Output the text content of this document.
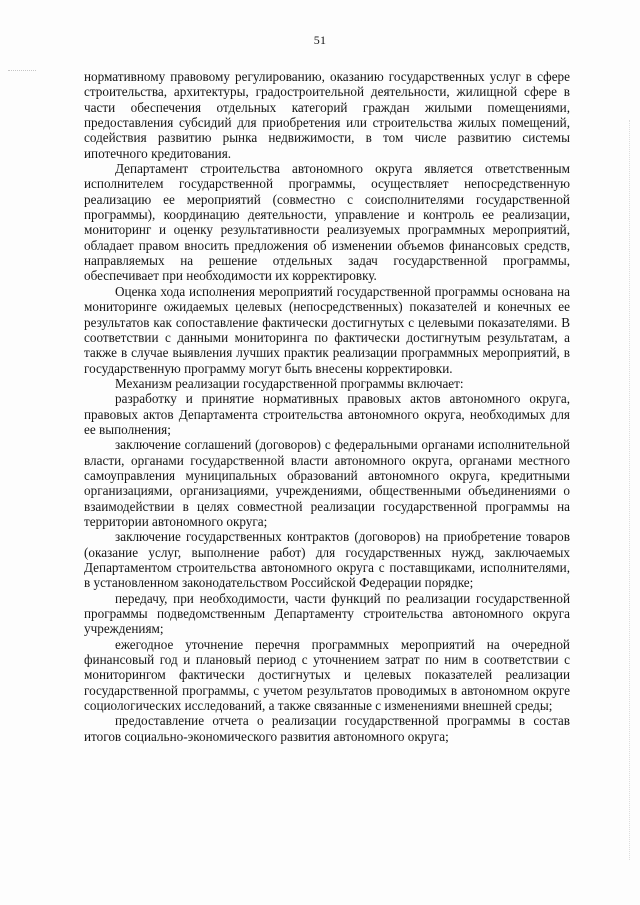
51

нормативному правовому регулированию, оказанию государственных услуг в сфере строительства, архитектуры, градостроительной деятельности, жилищной сфере в части обеспечения отдельных категорий граждан жилыми помещениями, предоставления субсидий для приобретения или строительства жилых помещений, содействия развитию рынка недвижимости, в том числе развитию системы ипотечного кредитования.

Департамент строительства автономного округа является ответственным исполнителем государственной программы, осуществляет непосредственную реализацию ее мероприятий (совместно с соисполнителями государственной программы), координацию деятельности, управление и контроль ее реализации, мониторинг и оценку результативности реализуемых программных мероприятий, обладает правом вносить предложения об изменении объемов финансовых средств, направляемых на решение отдельных задач государственной программы, обеспечивает при необходимости их корректировку.

Оценка хода исполнения мероприятий государственной программы основана на мониторинге ожидаемых целевых (непосредственных) показателей и конечных ее результатов как сопоставление фактически достигнутых с целевыми показателями. В соответствии с данными мониторинга по фактически достигнутым результатам, а также в случае выявления лучших практик реализации программных мероприятий, в государственную программу могут быть внесены корректировки.

Механизм реализации государственной программы включает:

разработку и принятие нормативных правовых актов автономного округа, правовых актов Департамента строительства автономного округа, необходимых для ее выполнения;

заключение соглашений (договоров) с федеральными органами исполнительной власти, органами государственной власти автономного округа, органами местного самоуправления муниципальных образований автономного округа, кредитными организациями, организациями, учреждениями, общественными объединениями о взаимодействии в целях совместной реализации государственной программы на территории автономного округа;

заключение государственных контрактов (договоров) на приобретение товаров (оказание услуг, выполнение работ) для государственных нужд, заключаемых Департаментом строительства автономного округа с поставщиками, исполнителями, в установленном законодательством Российской Федерации порядке;

передачу, при необходимости, части функций по реализации государственной программы подведомственным Департаменту строительства автономного округа учреждениям;

ежегодное уточнение перечня программных мероприятий на очередной финансовый год и плановый период с уточнением затрат по ним в соответствии с мониторингом фактически достигнутых и целевых показателей реализации государственной программы, с учетом результатов проводимых в автономном округе социологических исследований, а также связанные с изменениями внешней среды;

предоставление отчета о реализации государственной программы в состав итогов социально-экономического развития автономного округа;
